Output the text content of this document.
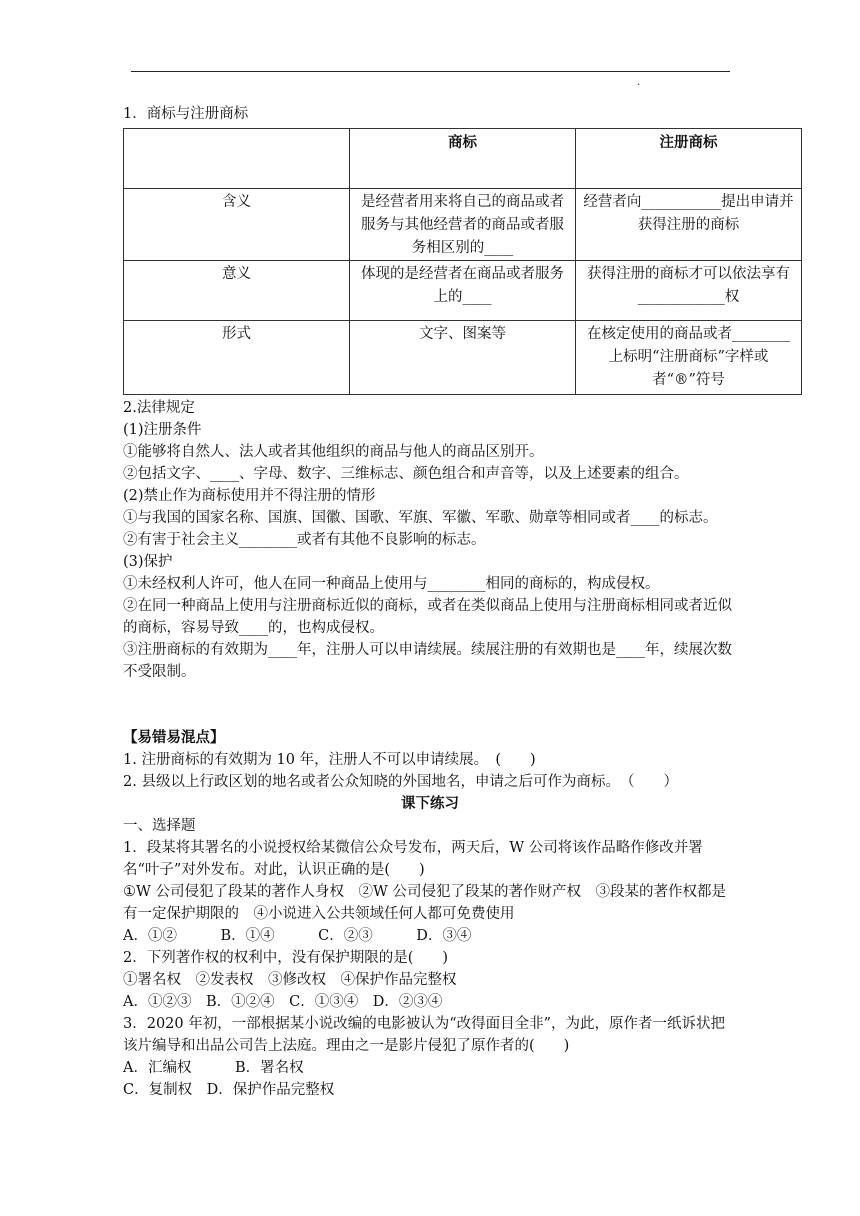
·
1．商标与注册商标
	商标	注册商标
含义	是经营者用来将自己的商品或者服务与其他经营者的商品或者服务相区别的____	经营者向___________提出申请并获得注册的商标
意义	体现的是经营者在商品或者服务上的____	获得注册的商标才可以依法享有____________权
形式	文字、图案等	在核定使用的商品或者________上标明“注册商标”字样或者“®”符号
2.法律规定
(1)注册条件
①能够将自然人、法人或者其他组织的商品与他人的商品区别开。
②包括文字、____、字母、数字、三维标志、颜色组合和声音等，以及上述要素的组合。
(2)禁止作为商标使用并不得注册的情形
①与我国的国家名称、国旗、国徽、国歌、军旗、军徽、军歌、勋章等相同或者____的标志。
②有害于社会主义________或者有其他不良影响的标志。
(3)保护
①未经权利人许可，他人在同一种商品上使用与________相同的商标的，构成侵权。
②在同一种商品上使用与注册商标近似的商标，或者在类似商品上使用与注册商标相同或者近似的商标，容易导致____的，也构成侵权。
③注册商标的有效期为____年，注册人可以申请续展。续展注册的有效期也是____年，续展次数不受限制。
【易错易混点】
1. 注册商标的有效期为 10 年，注册人不可以申请续展。　(　　)
2. 县级以上行政区划的地名或者公众知晓的外国地名，申请之后可作为商标。　（　　）
课下练习
一、选择题
1．段某将其署名的小说授权给某微信公众号发布，两天后，W 公司将该作品略作修改并署名“叶子”对外发布。对此，认识正确的是(　　)
①W 公司侵犯了段某的著作人身权　②W 公司侵犯了段某的著作财产权　③段某的著作权都是有一定保护期限的　④小说进入公共领域任何人都可免费使用
A．①②　　　B．①④　　　C．②③　　　D．③④
2．下列著作权的权利中，没有保护期限的是(　　)
①署名权　②发表权　③修改权　④保护作品完整权
A．①②③　B．①②④　C．①③④　D．②③④
3．2020 年初，一部根据某小说改编的电影被认为“改得面目全非”，为此，原作者一纸诉状把该片编导和出品公司告上法庭。理由之一是影片侵犯了原作者的(　　)
A．汇编权　　　B．署名权
C．复制权　D．保护作品完整权
